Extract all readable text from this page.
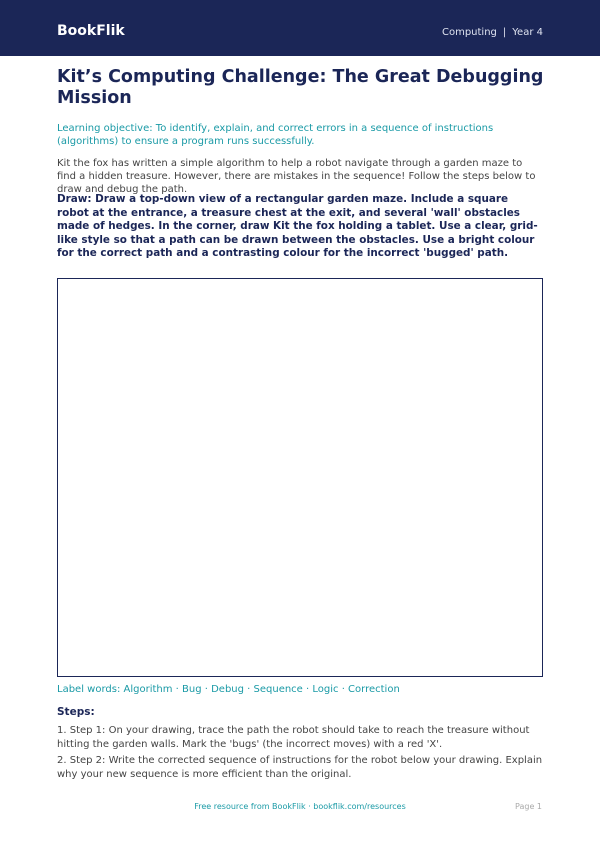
BookFlik	Computing | Year 4
Kit’s Computing Challenge: The Great Debugging Mission

Learning objective: To identify, explain, and correct errors in a sequence of instructions (algorithms) to ensure a program runs successfully.

Kit the fox has written a simple algorithm to help a robot navigate through a garden maze to find a hidden treasure. However, there are mistakes in the sequence! Follow the steps below to draw and debug the path.

Draw: Draw a top-down view of a rectangular garden maze. Include a square robot at the entrance, a treasure chest at the exit, and several 'wall' obstacles made of hedges. In the corner, draw Kit the fox holding a tablet. Use a clear, grid-like style so that a path can be drawn between the obstacles. Use a bright colour for the correct path and a contrasting colour for the incorrect 'bugged' path.

Label words: Algorithm · Bug · Debug · Sequence · Logic · Correction

Steps:

1. Step 1: On your drawing, trace the path the robot should take to reach the treasure without hitting the garden walls. Mark the 'bugs' (the incorrect moves) with a red 'X'.
2. Step 2: Write the corrected sequence of instructions for the robot below your drawing. Explain why your new sequence is more efficient than the original.

Free resource from BookFlik · bookflik.com/resources	Page 1
